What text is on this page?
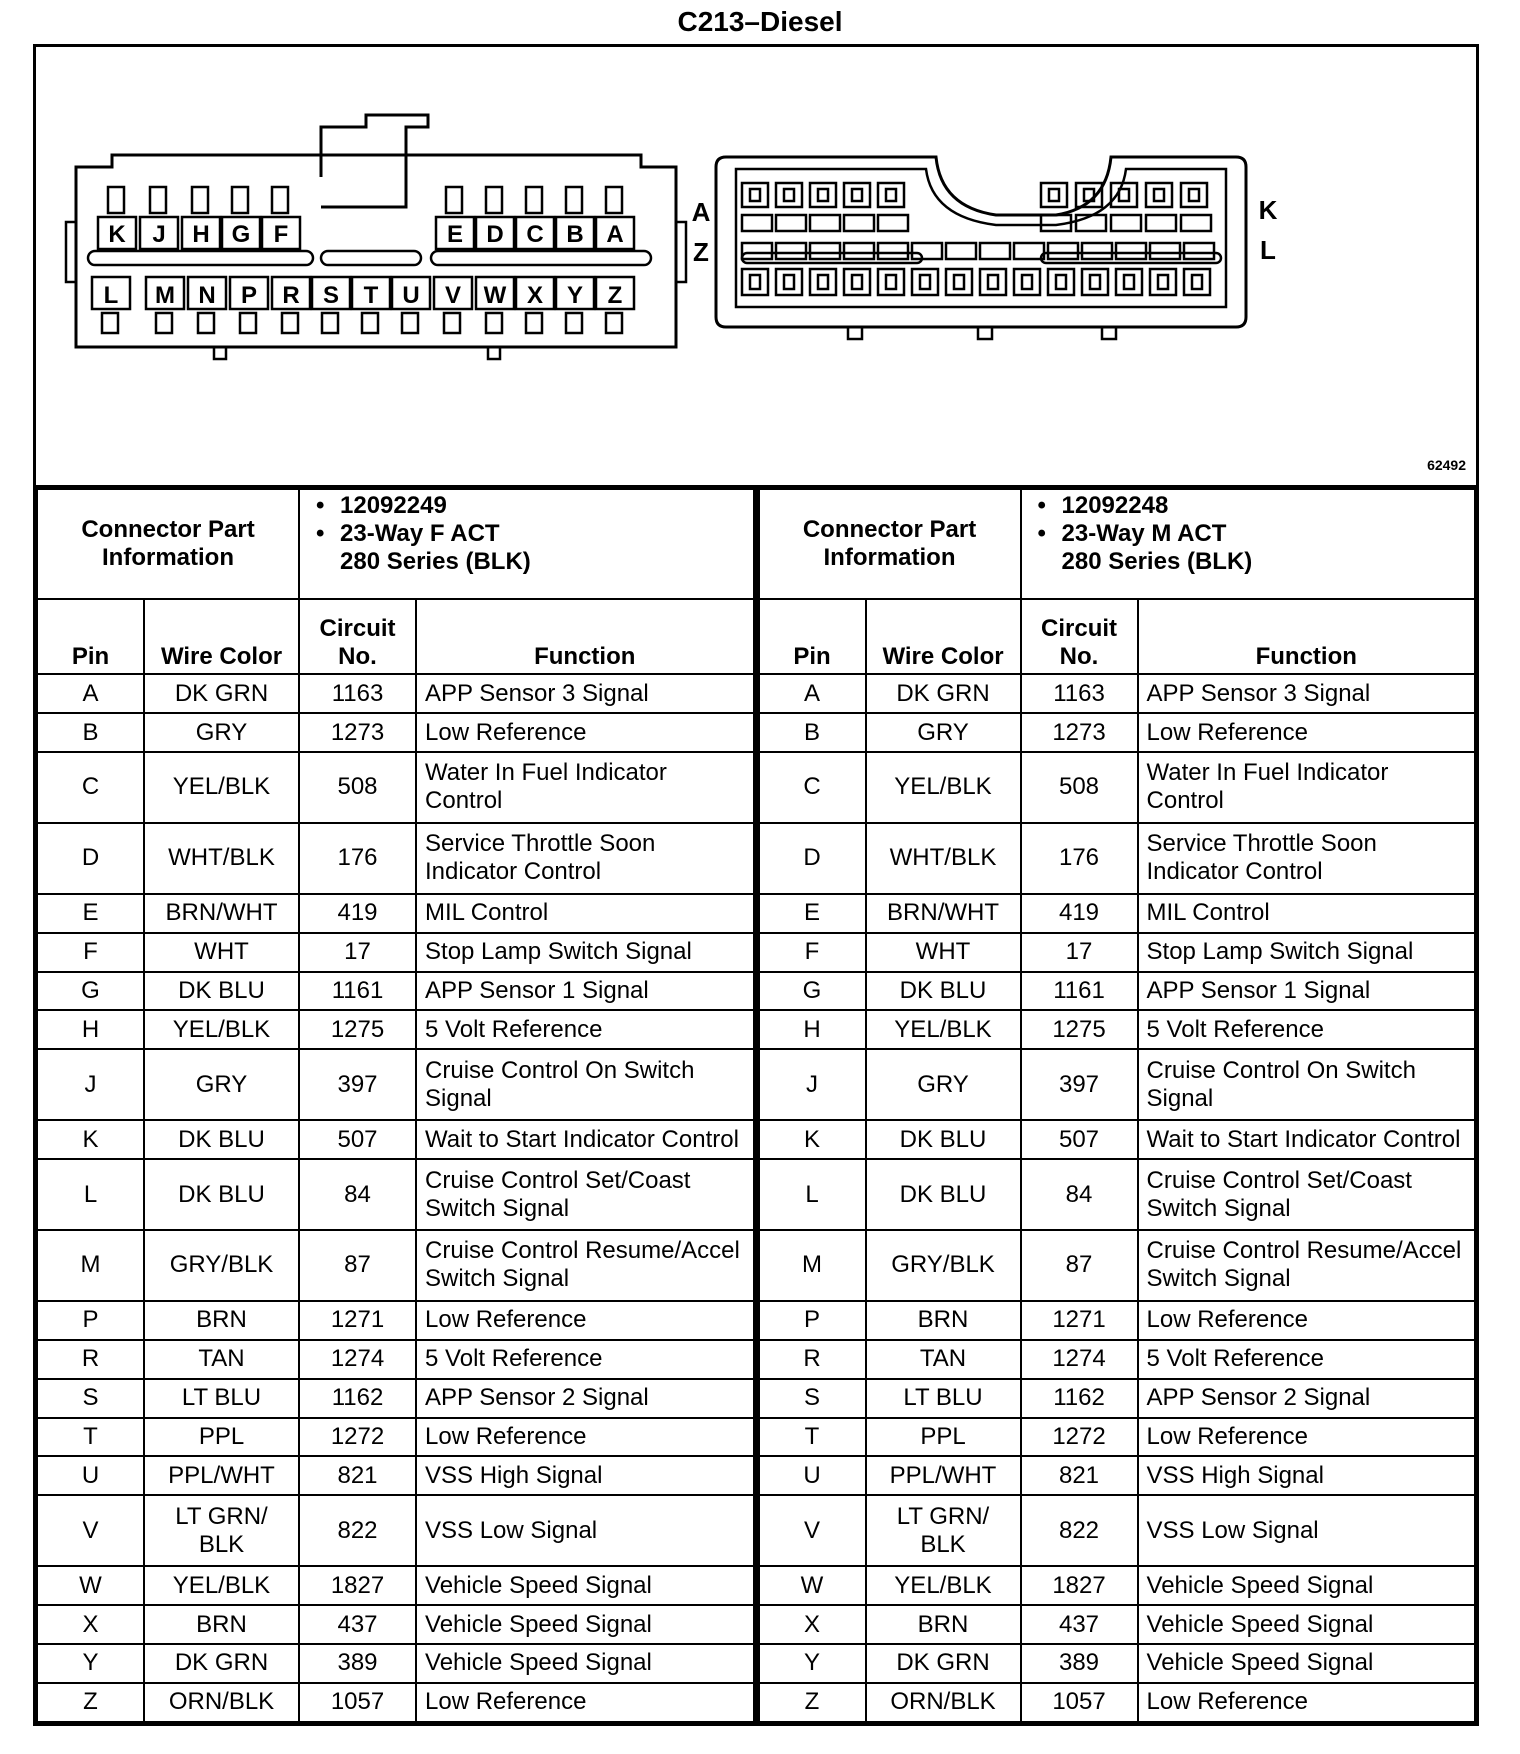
C213–Diesel
K J H G F	E D C B A
L M N P R S T U V W X Y Z
A
Z
K
L
62492
Connector Part Information		• 12092249
• 23-Way F ACT
280 Series (BLK)

Pin	Wire Color	Circuit No.	Function
A	DK GRN	1163	APP Sensor 3 Signal
B	GRY	1273	Low Reference
C	YEL/BLK	508	Water In Fuel Indicator Control
D	WHT/BLK	176	Service Throttle Soon Indicator Control
E	BRN/WHT	419	MIL Control
F	WHT	17	Stop Lamp Switch Signal
G	DK BLU	1161	APP Sensor 1 Signal
H	YEL/BLK	1275	5 Volt Reference
J	GRY	397	Cruise Control On Switch Signal
K	DK BLU	507	Wait to Start Indicator Control
L	DK BLU	84	Cruise Control Set/Coast Switch Signal
M	GRY/BLK	87	Cruise Control Resume/Accel Switch Signal
P	BRN	1271	Low Reference
R	TAN	1274	5 Volt Reference
S	LT BLU	1162	APP Sensor 2 Signal
T	PPL	1272	Low Reference
U	PPL/WHT	821	VSS High Signal
V	LT GRN/ BLK	822	VSS Low Signal
W	YEL/BLK	1827	Vehicle Speed Signal
X	BRN	437	Vehicle Speed Signal
Y	DK GRN	389	Vehicle Speed Signal
Z	ORN/BLK	1057	Low Reference
Connector Part Information		• 12092248
• 23-Way M ACT
280 Series (BLK)

Pin	Wire Color	Circuit No.	Function
A	DK GRN	1163	APP Sensor 3 Signal
B	GRY	1273	Low Reference
C	YEL/BLK	508	Water In Fuel Indicator Control
D	WHT/BLK	176	Service Throttle Soon Indicator Control
E	BRN/WHT	419	MIL Control
F	WHT	17	Stop Lamp Switch Signal
G	DK BLU	1161	APP Sensor 1 Signal
H	YEL/BLK	1275	5 Volt Reference
J	GRY	397	Cruise Control On Switch Signal
K	DK BLU	507	Wait to Start Indicator Control
L	DK BLU	84	Cruise Control Set/Coast Switch Signal
M	GRY/BLK	87	Cruise Control Resume/Accel Switch Signal
P	BRN	1271	Low Reference
R	TAN	1274	5 Volt Reference
S	LT BLU	1162	APP Sensor 2 Signal
T	PPL	1272	Low Reference
U	PPL/WHT	821	VSS High Signal
V	LT GRN/ BLK	822	VSS Low Signal
W	YEL/BLK	1827	Vehicle Speed Signal
X	BRN	437	Vehicle Speed Signal
Y	DK GRN	389	Vehicle Speed Signal
Z	ORN/BLK	1057	Low Reference
